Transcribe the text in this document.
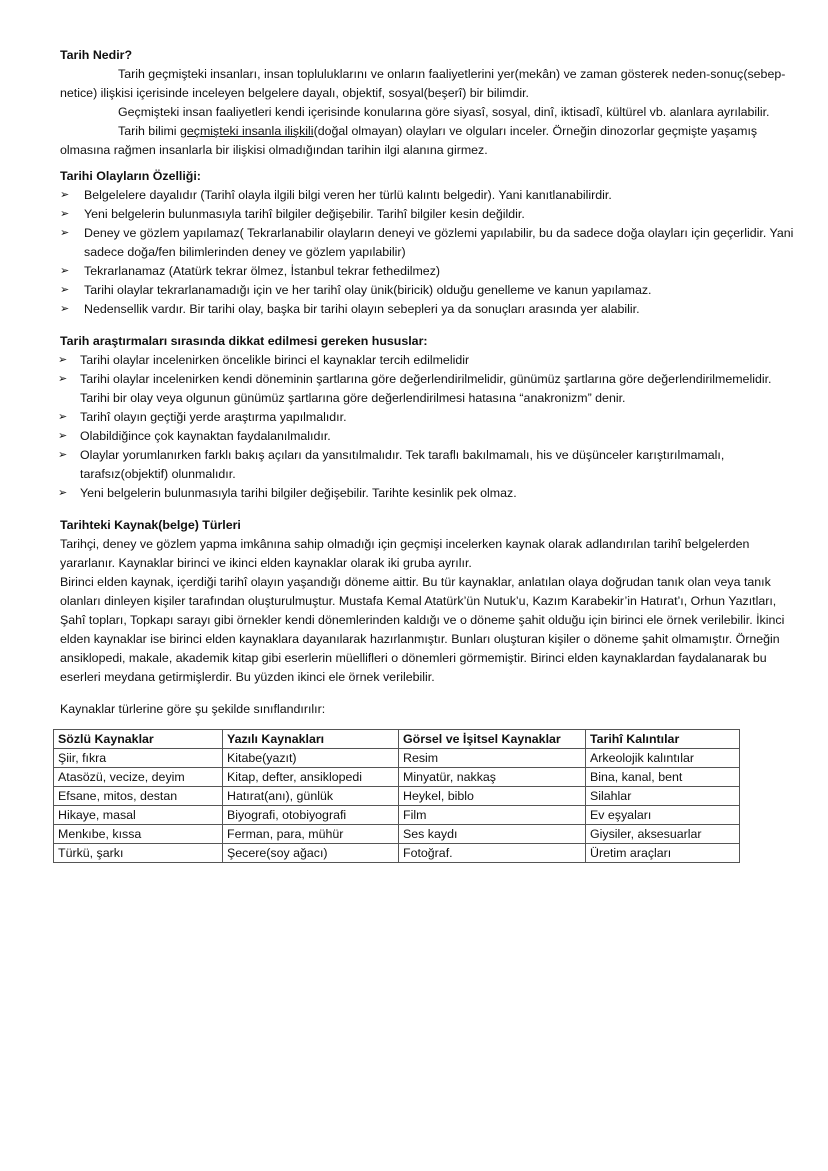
Tarih Nedir?

Tarih geçmişteki insanları, insan topluluklarını ve onların faaliyetlerini yer(mekân) ve zaman gösterek neden-sonuç(sebep-netice) ilişkisi içerisinde inceleyen belgelere dayalı, objektif, sosyal(beşerî) bir bilimdir.

Geçmişteki insan faaliyetleri kendi içerisinde konularına göre siyasî, sosyal, dinî, iktisadî, kültürel vb. alanlara ayrılabilir.

Tarih bilimi geçmişteki insanla ilişkili(doğal olmayan) olayları ve olguları inceler. Örneğin dinozorlar geçmişte yaşamış olmasına rağmen insanlarla bir ilişkisi olmadığından tarihin ilgi alanına girmez.

Tarihi Olayların Özelliği:
➢ Belgelelere dayalıdır (Tarihî olayla ilgili bilgi veren her türlü kalıntı belgedir). Yani kanıtlanabilirdir.
➢ Yeni belgelerin bulunmasıyla tarihî bilgiler değişebilir. Tarihî bilgiler kesin değildir.
➢ Deney ve gözlem yapılamaz( Tekrarlanabilir olayların deneyi ve gözlemi yapılabilir, bu da sadece doğa olayları için geçerlidir. Yani sadece doğa/fen bilimlerinden deney ve gözlem yapılabilir)
➢ Tekrarlanamaz (Atatürk tekrar ölmez, İstanbul tekrar fethedilmez)
➢ Tarihi olaylar tekrarlanamadığı için ve her tarihî olay ünik(biricik) olduğu genelleme ve kanun yapılamaz.
➢ Nedensellik vardır. Bir tarihi olay, başka bir tarihi olayın sebepleri ya da sonuçları arasında yer alabilir.
Tarih araştırmaları sırasında dikkat edilmesi gereken hususlar:
➢ Tarihi olaylar incelenirken öncelikle birinci el kaynaklar tercih edilmelidir
➢ Tarihi olaylar incelenirken kendi döneminin şartlarına göre değerlendirilmelidir, günümüz şartlarına göre değerlendirilmemelidir. Tarihi bir olay veya olgunun günümüz şartlarına göre değerlendirilmesi hatasına “anakronizm” denir.
➢ Tarihî olayın geçtiği yerde araştırma yapılmalıdır.
➢ Olabildiğince çok kaynaktan faydalanılmalıdır.
➢ Olaylar yorumlanırken farklı bakış açıları da yansıtılmalıdır. Tek taraflı bakılmamalı, his ve düşünceler karıştırılmamalı, tarafsız(objektif) olunmalıdır.
➢ Yeni belgelerin bulunmasıyla tarihi bilgiler değişebilir. Tarihte kesinlik pek olmaz.
Tarihteki Kaynak(belge) Türleri

Tarihçi, deney ve gözlem yapma imkânına sahip olmadığı için geçmişi incelerken kaynak olarak adlandırılan tarihî belgelerden yararlanır. Kaynaklar birinci ve ikinci elden kaynaklar olarak iki gruba ayrılır.

Birinci elden kaynak, içerdiği tarihî olayın yaşandığı döneme aittir. Bu tür kaynaklar, anlatılan olaya doğrudan tanık olan veya tanık olanları dinleyen kişiler tarafından oluşturulmuştur. Mustafa Kemal Atatürk’ün Nutuk’u, Kazım Karabekir’in Hatırat’ı, Orhun Yazıtları, Şahî topları, Topkapı sarayı gibi örnekler kendi dönemlerinden kaldığı ve o döneme şahit olduğu için birinci ele örnek verilebilir. İkinci elden kaynaklar ise birinci elden kaynaklara dayanılarak hazırlanmıştır. Bunları oluşturan kişiler o döneme şahit olmamıştır. Örneğin ansiklopedi, makale, akademik kitap gibi eserlerin müellifleri o dönemleri görmemiştir. Birinci elden kaynaklardan faydalanarak bu eserleri meydana getirmişlerdir. Bu yüzden ikinci ele örnek verilebilir.

Kaynaklar türlerine göre şu şekilde sınıflandırılır:

Sözlü Kaynaklar	Yazılı Kaynakları	Görsel ve İşitsel Kaynaklar	Tarihî Kalıntılar
Şiir, fıkra	Kitabe(yazıt)	Resim	Arkeolojik kalıntılar
Atasözü, vecize, deyim	Kitap, defter, ansiklopedi	Minyatür, nakkaş	Bina, kanal, bent
Efsane, mitos, destan	Hatırat(anı), günlük	Heykel, biblo	Silahlar
Hikaye, masal	Biyografi, otobiyografi	Film	Ev eşyaları
Menkıbe, kıssa	Ferman, para, mühür	Ses kaydı	Giysiler, aksesuarlar
Türkü, şarkı	Şecere(soy ağacı)	Fotoğraf.	Üretim araçları
